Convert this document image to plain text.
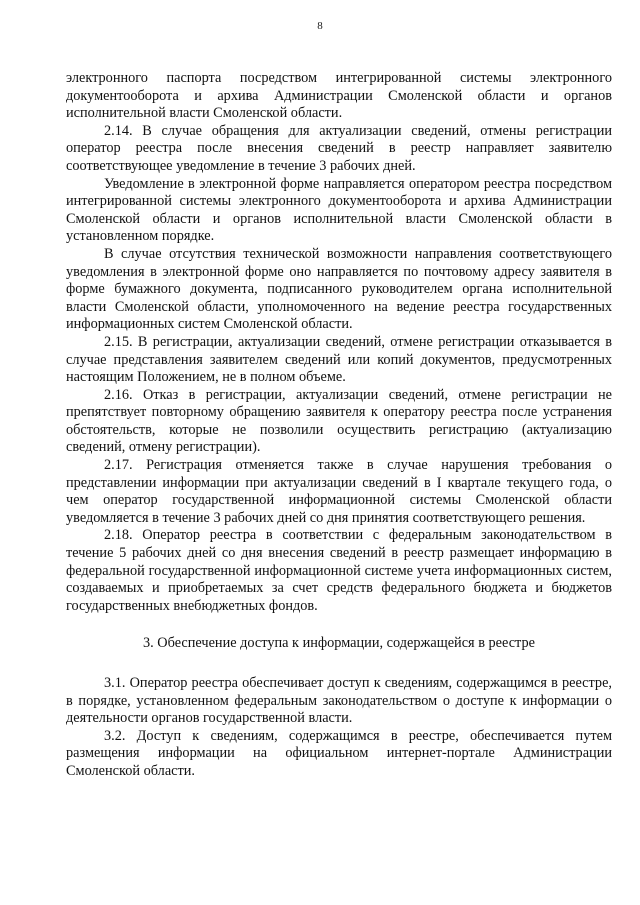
8

электронного паспорта посредством интегрированной системы электронного документооборота и архива Администрации Смоленской области и органов исполнительной власти Смоленской области.

2.14. В случае обращения для актуализации сведений, отмены регистрации оператор реестра после внесения сведений в реестр направляет заявителю соответствующее уведомление в течение 3 рабочих дней.

Уведомление в электронной форме направляется оператором реестра посредством интегрированной системы электронного документооборота и архива Администрации Смоленской области и органов исполнительной власти Смоленской области в установленном порядке.

В случае отсутствия технической возможности направления соответствующего уведомления в электронной форме оно направляется по почтовому адресу заявителя в форме бумажного документа, подписанного руководителем органа исполнительной власти Смоленской области, уполномоченного на ведение реестра государственных информационных систем Смоленской области.

2.15. В регистрации, актуализации сведений, отмене регистрации отказывается в случае представления заявителем сведений или копий документов, предусмотренных настоящим Положением, не в полном объеме.

2.16. Отказ в регистрации, актуализации сведений, отмене регистрации не препятствует повторному обращению заявителя к оператору реестра после устранения обстоятельств, которые не позволили осуществить регистрацию (актуализацию сведений, отмену регистрации).

2.17. Регистрация отменяется также в случае нарушения требования о представлении информации при актуализации сведений в I квартале текущего года, о чем оператор государственной информационной системы Смоленской области уведомляется в течение 3 рабочих дней со дня принятия соответствующего решения.

2.18. Оператор реестра в соответствии с федеральным законодательством в течение 5 рабочих дней со дня внесения сведений в реестр размещает информацию в федеральной государственной информационной системе учета информационных систем, создаваемых и приобретаемых за счет средств федерального бюджета и бюджетов государственных внебюджетных фондов.

3. Обеспечение доступа к информации, содержащейся в реестре

3.1. Оператор реестра обеспечивает доступ к сведениям, содержащимся в реестре, в порядке, установленном федеральным законодательством о доступе к информации о деятельности органов государственной власти.

3.2. Доступ к сведениям, содержащимся в реестре, обеспечивается путем размещения информации на официальном интернет-портале Администрации Смоленской области.
